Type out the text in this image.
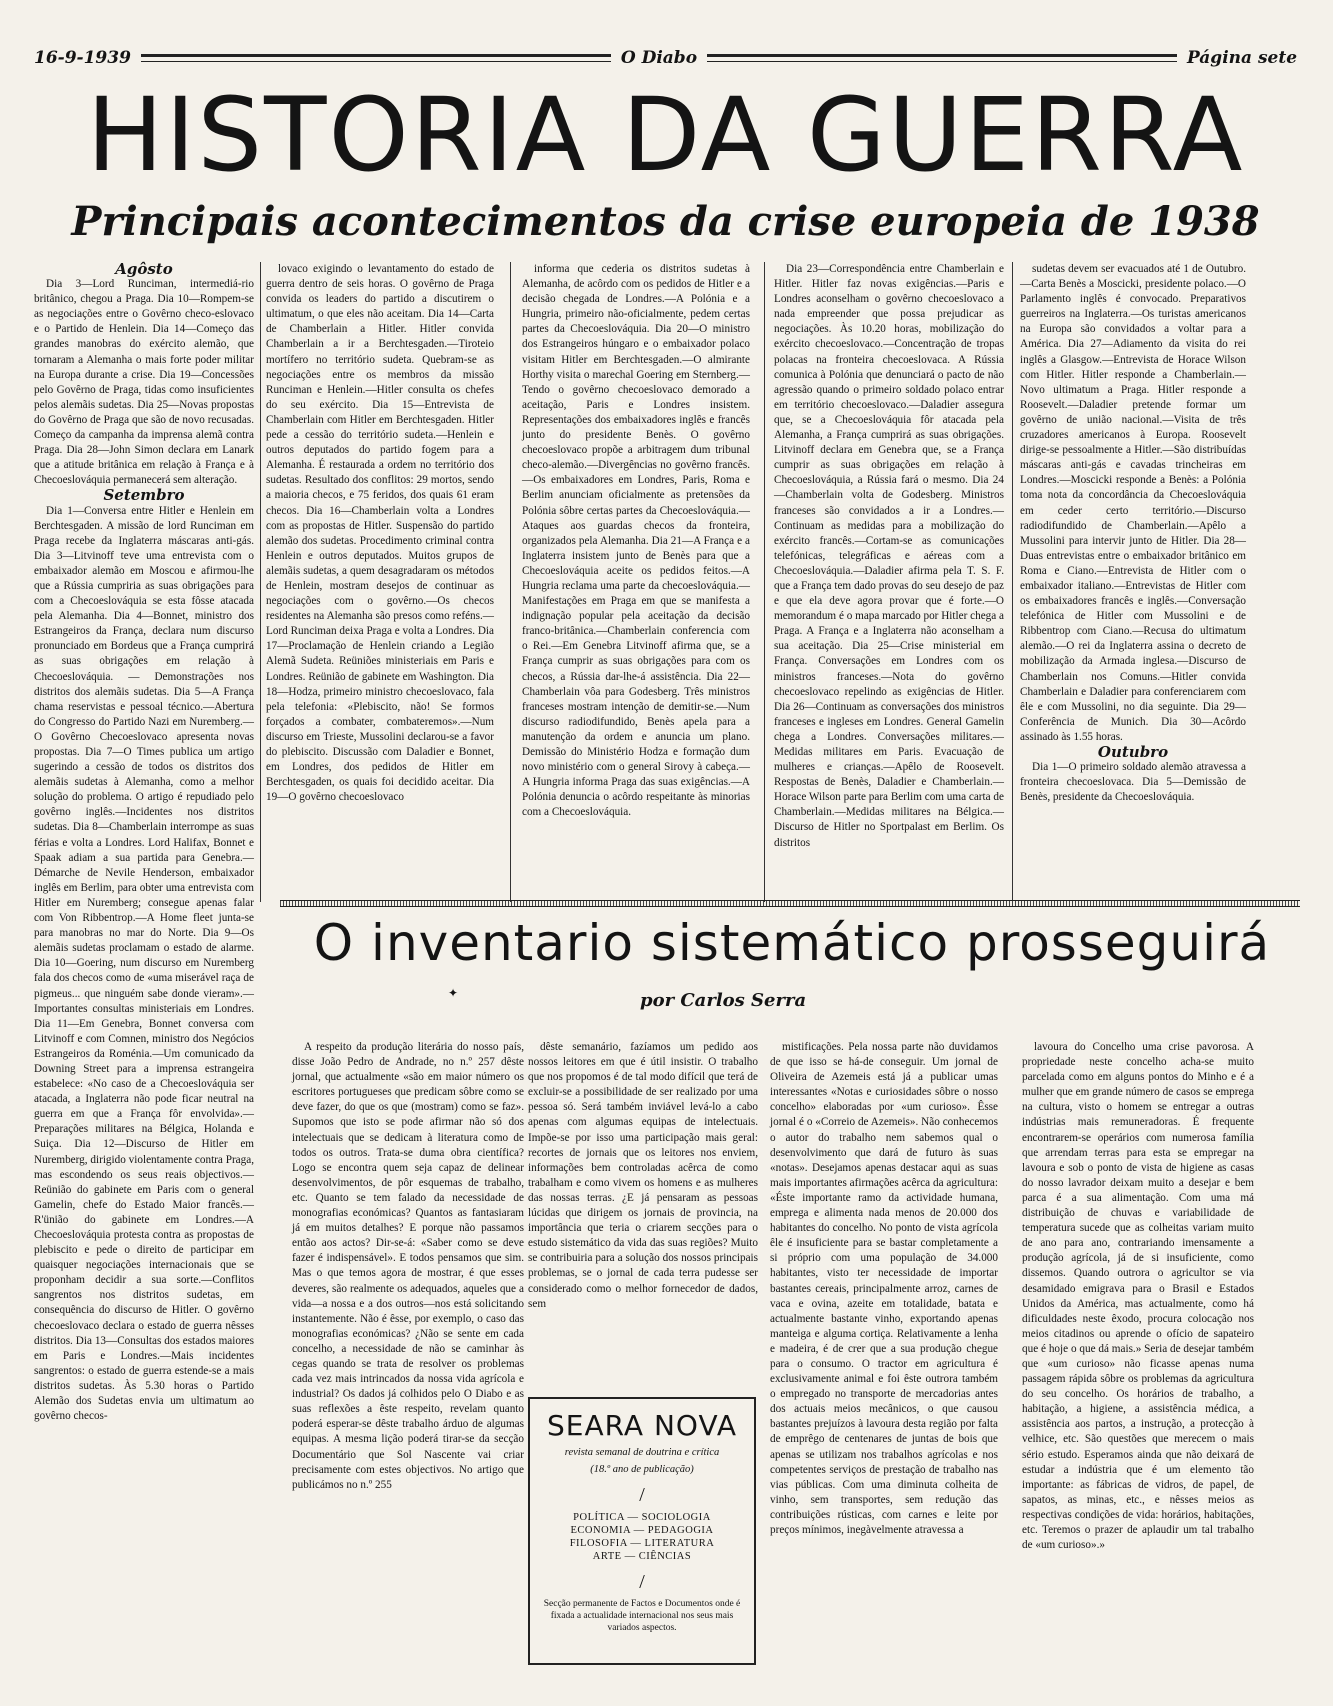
16-9-1939	O Diabo	Página sete
HISTORIA DA GUERRA
Principais acontecimentos da crise europeia de 1938

Agôsto

Dia 3—Lord Runciman, intermediá-rio britânico, chegou a Praga. Dia 10—Rompem-se as negociações entre o Govêrno checo-eslovaco e o Partido de Henlein. Dia 14—Começo das grandes manobras do exército alemão, que tornaram a Alemanha o mais forte poder militar na Europa durante a crise. Dia 19—Concessões pelo Govêrno de Praga, tidas como insuficientes pelos alemãis sudetas. Dia 25—Novas propostas do Govêrno de Praga que são de novo recusadas. Começo da campanha da imprensa alemã contra Praga. Dia 28—John Simon declara em Lanark que a atitude britânica em relação à França e à Checoeslováquia permanecerá sem alteração.

Setembro

Dia 1—Conversa entre Hitler e Henlein em Berchtesgaden. A missão de lord Runciman em Praga recebe da Inglaterra máscaras anti-gás. Dia 3—Litvinoff teve uma entrevista com o embaixador alemão em Moscou e afirmou-lhe que a Rússia cumpriria as suas obrigações para com a Checoeslováquia se esta fôsse atacada pela Alemanha. Dia 4—Bonnet, ministro dos Estrangeiros da França, declara num discurso pronunciado em Bordeus que a França cumprirá as suas obrigações em relação à Checoeslováquia. — Demonstrações nos distritos dos alemãis sudetas. Dia 5—A França chama reservistas e pessoal técnico.—Abertura do Congresso do Partido Nazi em Nuremberg.—O Govêrno Checoeslovaco apresenta novas propostas. Dia 7—O Times publica um artigo sugerindo a cessão de todos os distritos dos alemãis sudetas à Alemanha, como a melhor solução do problema. O artigo é repudiado pelo govêrno inglês.—Incidentes nos distritos sudetas. Dia 8—Chamberlain interrompe as suas férias e volta a Londres. Lord Halifax, Bonnet e Spaak adiam a sua partida para Genebra.—Démarche de Nevile Henderson, embaixador inglês em Berlim, para obter uma entrevista com Hitler em Nuremberg; consegue apenas falar com Von Ribbentrop.—A Home fleet junta-se para manobras no mar do Norte. Dia 9—Os alemãis sudetas proclamam o estado de alarme. Dia 10—Goering, num discurso em Nuremberg fala dos checos como de «uma miserável raça de pigmeus... que ninguém sabe donde vieram».—Importantes consultas ministeriais em Londres. Dia 11—Em Genebra, Bonnet conversa com Litvinoff e com Comnen, ministro dos Negócios Estrangeiros da Roménia.—Um comunicado da Downing Street para a imprensa estrangeira estabelece: «No caso de a Checoeslováquia ser atacada, a Inglaterra não pode ficar neutral na guerra em que a França fôr envolvida».—Preparações militares na Bélgica, Holanda e Suiça. Dia 12—Discurso de Hitler em Nuremberg, dirigido violentamente contra Praga, mas escondendo os seus reais objectivos.—Reünião do gabinete em Paris com o general Gamelin, chefe do Estado Maior francês.—R'ünião do gabinete em Londres.—A Checoeslováquia protesta contra as propostas de plebiscito e pede o direito de participar em quaisquer negociações internacionais que se proponham decidir a sua sorte.—Conflitos sangrentos nos distritos sudetas, em consequência do discurso de Hitler. O govêrno checoeslovaco declara o estado de guerra nêsses distritos. Dia 13—Consultas dos estados maiores em Paris e Londres.—Mais incidentes sangrentos: o estado de guerra estende-se a mais distritos sudetas. Às 5.30 horas o Partido Alemão dos Sudetas envia um ultimatum ao govêrno checos-

lovaco exigindo o levantamento do estado de guerra dentro de seis horas. O govêrno de Praga convida os leaders do partido a discutirem o ultimatum, o que eles não aceitam. Dia 14—Carta de Chamberlain a Hitler. Hitler convida Chamberlain a ir a Berchtesgaden.—Tiroteio mortífero no território sudeta. Quebram-se as negociações entre os membros da missão Runciman e Henlein.—Hitler consulta os chefes do seu exército. Dia 15—Entrevista de Chamberlain com Hitler em Berchtesgaden. Hitler pede a cessão do território sudeta.—Henlein e outros deputados do partido fogem para a Alemanha. É restaurada a ordem no território dos sudetas. Resultado dos conflitos: 29 mortos, sendo a maioria checos, e 75 feridos, dos quais 61 eram checos. Dia 16—Chamberlain volta a Londres com as propostas de Hitler. Suspensão do partido alemão dos sudetas. Procedimento criminal contra Henlein e outros deputados. Muitos grupos de alemãis sudetas, a quem desagradaram os métodos de Henlein, mostram desejos de continuar as negociações com o govêrno.—Os checos residentes na Alemanha são presos como reféns.—Lord Runciman deixa Praga e volta a Londres. Dia 17—Proclamação de Henlein criando a Legião Alemã Sudeta. Reüniões ministeriais em Paris e Londres. Reünião de gabinete em Washington. Dia 18—Hodza, primeiro ministro checoeslovaco, fala pela telefonia: «Plebiscito, não! Se formos forçados a combater, combateremos».—Num discurso em Trieste, Mussolini declarou-se a favor do plebiscito. Discussão com Daladier e Bonnet, em Londres, dos pedidos de Hitler em Berchtesgaden, os quais foi decidido aceitar. Dia 19—O govêrno checoeslovaco

informa que cederia os distritos sudetas à Alemanha, de acôrdo com os pedidos de Hitler e a decisão chegada de Londres.—A Polónia e a Hungria, primeiro não-oficialmente, pedem certas partes da Checoeslováquia. Dia 20—O ministro dos Estrangeiros húngaro e o embaixador polaco visitam Hitler em Berchtesgaden.—O almirante Horthy visita o marechal Goering em Sternberg.—Tendo o govêrno checoeslovaco demorado a aceitação, Paris e Londres insistem. Representações dos embaixadores inglês e francês junto do presidente Benès. O govêrno checoeslovaco propõe a arbitragem dum tribunal checo-alemão.—Divergências no govêrno francês.—Os embaixadores em Londres, Paris, Roma e Berlim anunciam oficialmente as pretensões da Polónia sôbre certas partes da Checoeslováquia.—Ataques aos guardas checos da fronteira, organizados pela Alemanha. Dia 21—A França e a Inglaterra insistem junto de Benès para que a Checoeslováquia aceite os pedidos feitos.—A Hungria reclama uma parte da checoeslováquia.—Manifestações em Praga em que se manifesta a indignação popular pela aceitação da decisão franco-britânica.—Chamberlain conferencia com o Rei.—Em Genebra Litvinoff afirma que, se a França cumprir as suas obrigações para com os checos, a Rússia dar-lhe-á assistência. Dia 22—Chamberlain vôa para Godesberg. Três ministros franceses mostram intenção de demitir-se.—Num discurso radiodifundido, Benès apela para a manutenção da ordem e anuncia um plano. Demissão do Ministério Hodza e formação dum novo ministério com o general Sirovy à cabeça.—A Hungria informa Praga das suas exigências.—A Polónia denuncia o acôrdo respeitante às minorias com a Checoeslováquia.

Dia 23—Correspondência entre Chamberlain e Hitler. Hitler faz novas exigências.—Paris e Londres aconselham o govêrno checoeslovaco a nada empreender que possa prejudicar as negociações. Às 10.20 horas, mobilização do exército checoeslovaco.—Concentração de tropas polacas na fronteira checoeslovaca. A Rússia comunica à Polónia que denunciará o pacto de não agressão quando o primeiro soldado polaco entrar em território checoeslovaco.—Daladier assegura que, se a Checoeslováquia fôr atacada pela Alemanha, a França cumprirá as suas obrigações. Litvinoff declara em Genebra que, se a França cumprir as suas obrigações em relação à Checoeslováquia, a Rússia fará o mesmo. Dia 24—Chamberlain volta de Godesberg. Ministros franceses são convidados a ir a Londres.—Continuam as medidas para a mobilização do exército francês.—Cortam-se as comunicações telefónicas, telegráficas e aéreas com a Checoeslováquia.—Daladier afirma pela T. S. F. que a França tem dado provas do seu desejo de paz e que ela deve agora provar que é forte.—O memorandum é o mapa marcado por Hitler chega a Praga. A França e a Inglaterra não aconselham a sua aceitação. Dia 25—Crise ministerial em França. Conversações em Londres com os ministros franceses.—Nota do govêrno checoeslovaco repelindo as exigências de Hitler. Dia 26—Continuam as conversações dos ministros franceses e ingleses em Londres. General Gamelin chega a Londres. Conversações militares.—Medidas militares em Paris. Evacuação de mulheres e crianças.—Apêlo de Roosevelt. Respostas de Benès, Daladier e Chamberlain.—Horace Wilson parte para Berlim com uma carta de Chamberlain.—Medidas militares na Bélgica.—Discurso de Hitler no Sportpalast em Berlim. Os distritos

sudetas devem ser evacuados até 1 de Outubro.—Carta Benès a Moscicki, presidente polaco.—O Parlamento inglês é convocado. Preparativos guerreiros na Inglaterra.—Os turistas americanos na Europa são convidados a voltar para a América. Dia 27—Adiamento da visita do rei inglês a Glasgow.—Entrevista de Horace Wilson com Hitler. Hitler responde a Chamberlain.—Novo ultimatum a Praga. Hitler responde a Roosevelt.—Daladier pretende formar um govêrno de união nacional.—Visita de três cruzadores americanos à Europa. Roosevelt dirige-se pessoalmente a Hitler.—São distribuídas máscaras anti-gás e cavadas trincheiras em Londres.—Moscicki responde a Benès: a Polónia toma nota da concordância da Checoeslováquia em ceder certo território.—Discurso radiodifundido de Chamberlain.—Apêlo a Mussolini para intervir junto de Hitler. Dia 28—Duas entrevistas entre o embaixador britânico em Roma e Ciano.—Entrevista de Hitler com o embaixador italiano.—Entrevistas de Hitler com os embaixadores francês e inglês.—Conversação telefónica de Hitler com Mussolini e de Ribbentrop com Ciano.—Recusa do ultimatum alemão.—O rei da Inglaterra assina o decreto de mobilização da Armada inglesa.—Discurso de Chamberlain nos Comuns.—Hitler convida Chamberlain e Daladier para conferenciarem com êle e com Mussolini, no dia seguinte. Dia 29—Conferência de Munich. Dia 30—Acôrdo assinado às 1.55 horas.

Outubro

Dia 1—O primeiro soldado alemão atravessa a fronteira checoeslovaca. Dia 5—Demissão de Benès, presidente da Checoeslováquia.

O inventario sistemático prosseguirá
✦	por Carlos Serra

A respeito da produção literária do nosso país, disse João Pedro de Andrade, no n.º 257 dêste jornal, que actualmente «são em maior número os escritores portugueses que predicam sôbre como se deve fazer, do que os que (mostram) como se faz». Supomos que isto se pode afirmar não só dos intelectuais que se dedicam à literatura como de todos os outros. Trata-se duma obra científica? Logo se encontra quem seja capaz de delinear desenvolvimentos, de pôr esquemas de trabalho, etc. Quanto se tem falado da necessidade de monografias económicas? Quantos as fantasiaram já em muitos detalhes? E porque não passamos então aos actos? Dir-se-á: «Saber como se deve fazer é indispensável». E todos pensamos que sim. Mas o que temos agora de mostrar, é que esses deveres, são realmente os adequados, aqueles que a vida—a nossa e a dos outros—nos está solicitando instantemente. Não é êsse, por exemplo, o caso das monografias económicas? ¿Não se sente em cada concelho, a necessidade de não se caminhar às cegas quando se trata de resolver os problemas cada vez mais intrincados da nossa vida agrícola e industrial? Os dados já colhidos pelo O Diabo e as suas reflexões a êste respeito, revelam quanto poderá esperar-se dêste trabalho árduo de algumas equipas. A mesma lição poderá tirar-se da secção Documentário que Sol Nascente vai criar precisamente com estes objectivos. No artigo que publicámos no n.º 255

dêste semanário, fazíamos um pedido aos nossos leitores em que é útil insistir. O trabalho que nos propomos é de tal modo difícil que terá de excluir-se a possibilidade de ser realizado por uma pessoa só. Será também inviável levá-lo a cabo apenas com algumas equipas de intelectuais. Impõe-se por isso uma participação mais geral: recortes de jornais que os leitores nos enviem, informações bem controladas acêrca de como trabalham e como vivem os homens e as mulheres das nossas terras. ¿E já pensaram as pessoas lúcidas que dirigem os jornais de provincia, na importância que teria o criarem secções para o estudo sistemático da vida das suas regiões? Muito se contribuiria para a solução dos nossos principais problemas, se o jornal de cada terra pudesse ser considerado como o melhor fornecedor de dados, sem

mistificações. Pela nossa parte não duvidamos de que isso se há-de conseguir. Um jornal de Oliveira de Azemeis está já a publicar umas interessantes «Notas e curiosidades sôbre o nosso concelho» elaboradas por «um curioso». Êsse jornal é o «Correio de Azemeis». Não conhecemos o autor do trabalho nem sabemos qual o desenvolvimento que dará de futuro às suas «notas». Desejamos apenas destacar aqui as suas mais importantes afirmações acêrca da agricultura: «Éste importante ramo da actividade humana, emprega e alimenta nada menos de 20.000 dos habitantes do concelho. No ponto de vista agrícola êle é insuficiente para se bastar completamente a si próprio com uma população de 34.000 habitantes, visto ter necessidade de importar bastantes cereais, principalmente arroz, carnes de vaca e ovina, azeite em totalidade, batata e actualmente bastante vinho, exportando apenas manteiga e alguma cortiça. Relativamente a lenha e madeira, é de crer que a sua produção chegue para o consumo. O tractor em agricultura é exclusivamente animal e foi êste outrora também o empregado no transporte de mercadorias antes dos actuais meios mecânicos, o que causou bastantes prejuízos à lavoura desta região por falta de emprêgo de centenares de juntas de bois que apenas se utilizam nos trabalhos agrícolas e nos competentes serviços de prestação de trabalho nas vias públicas. Com uma diminuta colheita de vinho, sem transportes, sem redução das contribuições rústicas, com carnes e leite por preços mínimos, inegàvelmente atravessa a

lavoura do Concelho uma crise pavorosa. A propriedade neste concelho acha-se muito parcelada como em alguns pontos do Minho e é a mulher que em grande número de casos se emprega na cultura, visto o homem se entregar a outras indústrias mais remuneradoras. É frequente encontrarem-se operários com numerosa família que arrendam terras para esta se empregar na lavoura e sob o ponto de vista de higiene as casas do nosso lavrador deixam muito a desejar e bem parca é a sua alimentação. Com uma má distribuição de chuvas e variabilidade de temperatura sucede que as colheitas variam muito de ano para ano, contrariando imensamente a produção agrícola, já de si insuficiente, como dissemos. Quando outrora o agricultor se via desamidado emigrava para o Brasil e Estados Unidos da América, mas actualmente, como há dificuldades neste êxodo, procura colocação nos meios citadinos ou aprende o ofício de sapateiro que é hoje o que dá mais.» Seria de desejar também que «um curioso» não ficasse apenas numa passagem rápida sôbre os problemas da agricultura do seu concelho. Os horários de trabalho, a habitação, a higiene, a assistência médica, a assistência aos partos, a instrução, a protecção à velhice, etc. São questões que merecem o mais sério estudo. Esperamos ainda que não deixará de estudar a indústria que é um elemento tão importante: as fábricas de vidros, de papel, de sapatos, as minas, etc., e nêsses meios as respectivas condições de vida: horários, habitações, etc. Teremos o prazer de aplaudir um tal trabalho de «um curioso».»

SEARA NOVA
revista semanal de doutrina e crítica
(18.º ano de publicação)
/
POLÍTICA — SOCIOLOGIA
ECONOMIA — PEDAGOGIA
FILOSOFIA — LITERATURA
ARTE — CIÊNCIAS
/
Secção permanente de Factos e Documentos onde é fixada a actualidade internacional nos seus mais variados aspectos.
